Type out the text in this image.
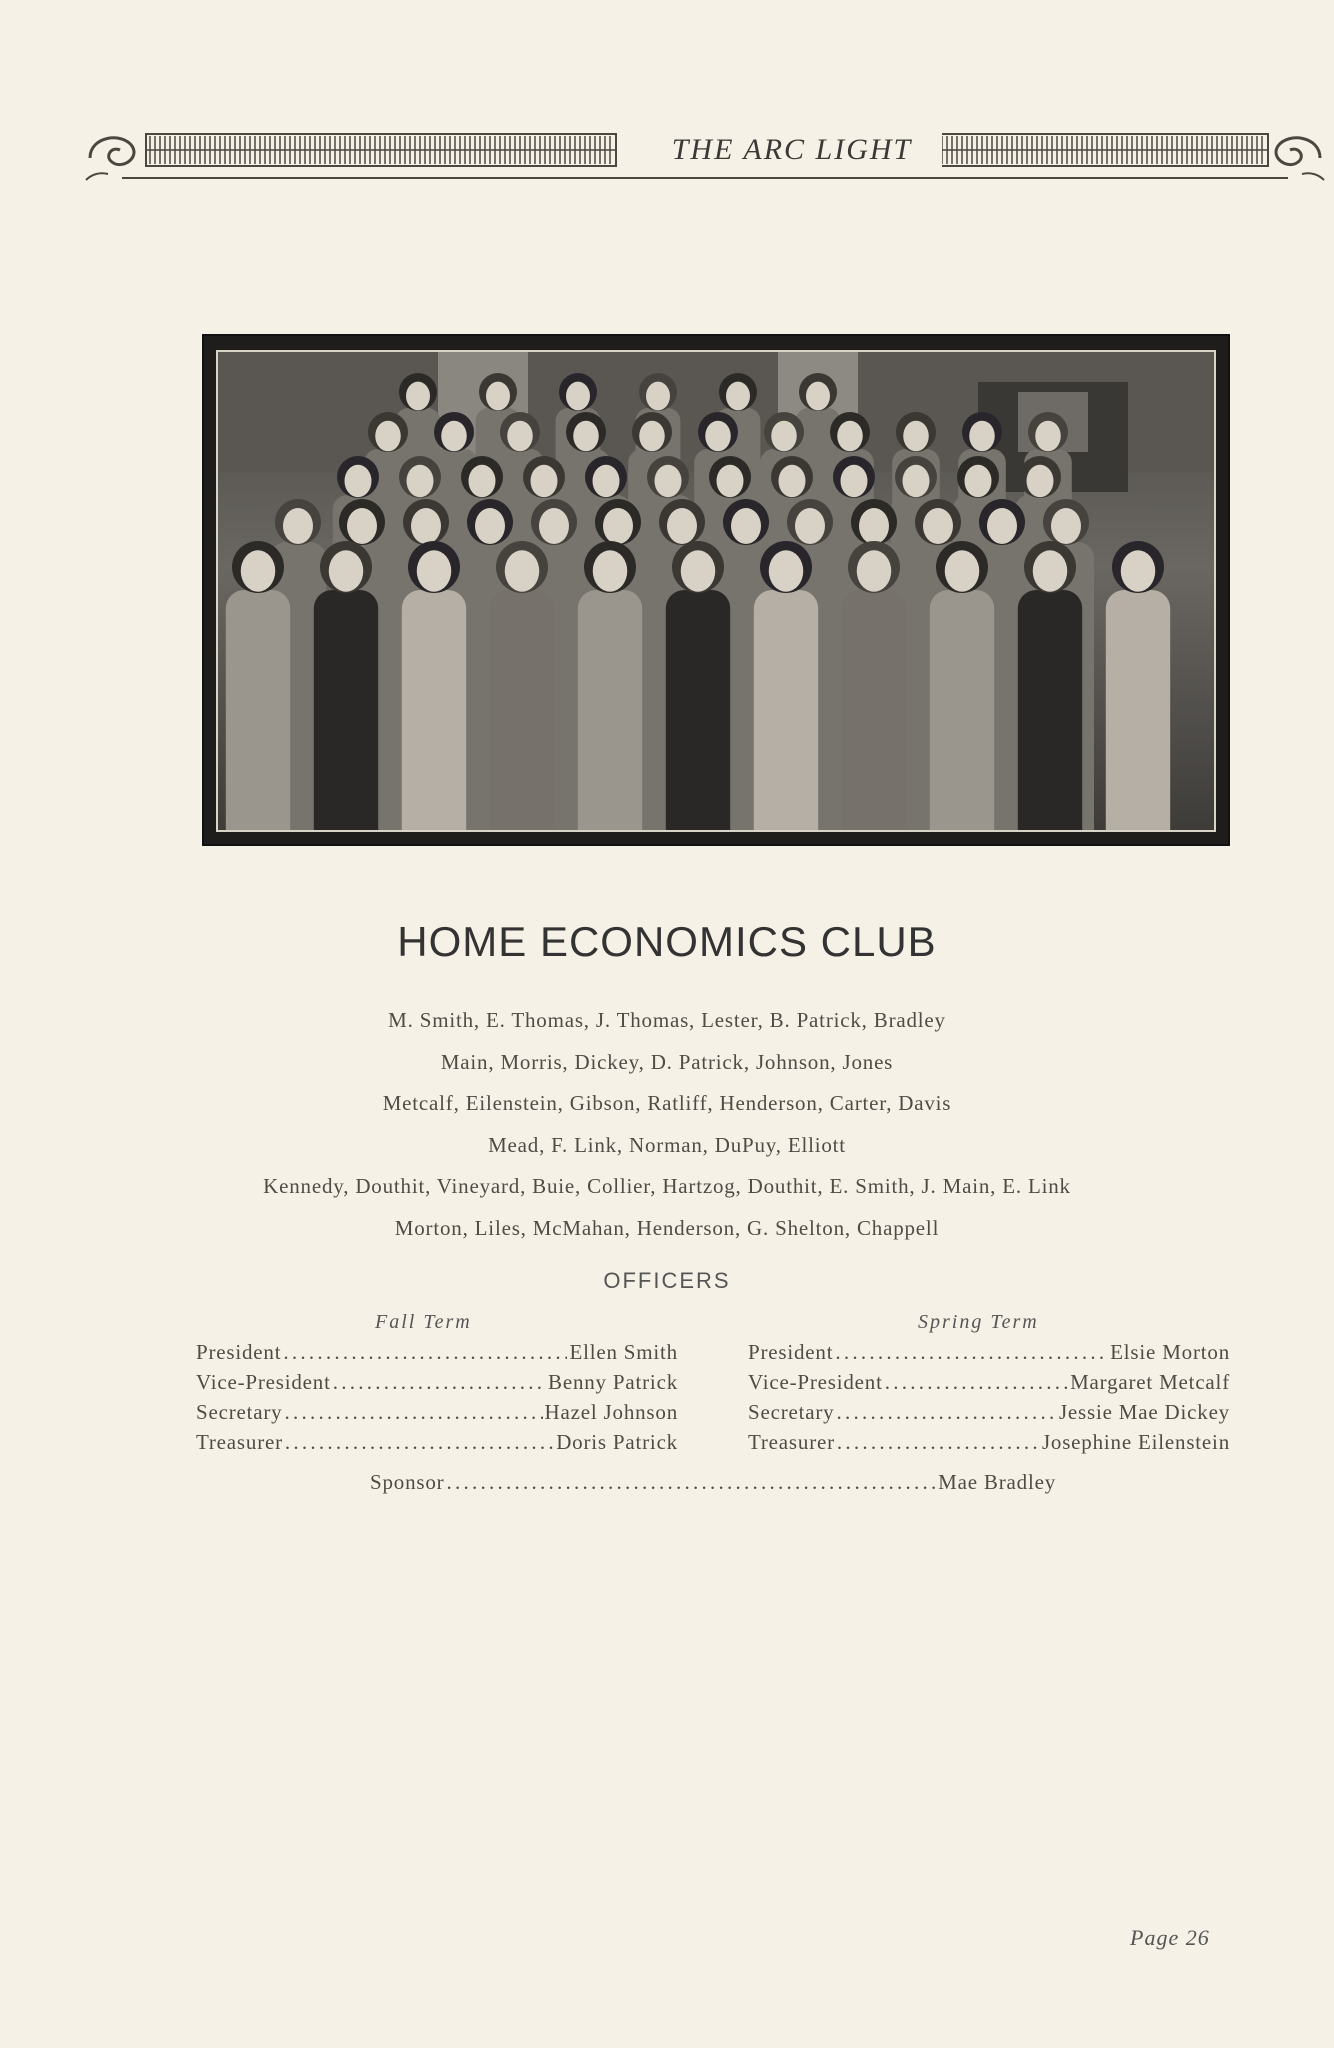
THE ARC LIGHT
HOME ECONOMICS CLUB
M. Smith, E. Thomas, J. Thomas, Lester, B. Patrick, Bradley
Main, Morris, Dickey, D. Patrick, Johnson, Jones
Metcalf, Eilenstein, Gibson, Ratliff, Henderson, Carter, Davis
Mead, F. Link, Norman, DuPuy, Elliott
Kennedy, Douthit, Vineyard, Buie, Collier, Hartzog, Douthit, E. Smith, J. Main, E. Link
Morton, Liles, McMahan, Henderson, G. Shelton, Chappell
OFFICERS
Fall Term	Spring Term
President . . .	Ellen Smith
Vice-President . . .	Benny Patrick
Secretary . . .	Hazel Johnson
Treasurer . . .	Doris Patrick
President . . .	Elsie Morton
Vice-President . . .	Margaret Metcalf
Secretary . . .	Jessie Mae Dickey
Treasurer . . .	Josephine Eilenstein
Sponsor . . .	Mae Bradley
Page 26
